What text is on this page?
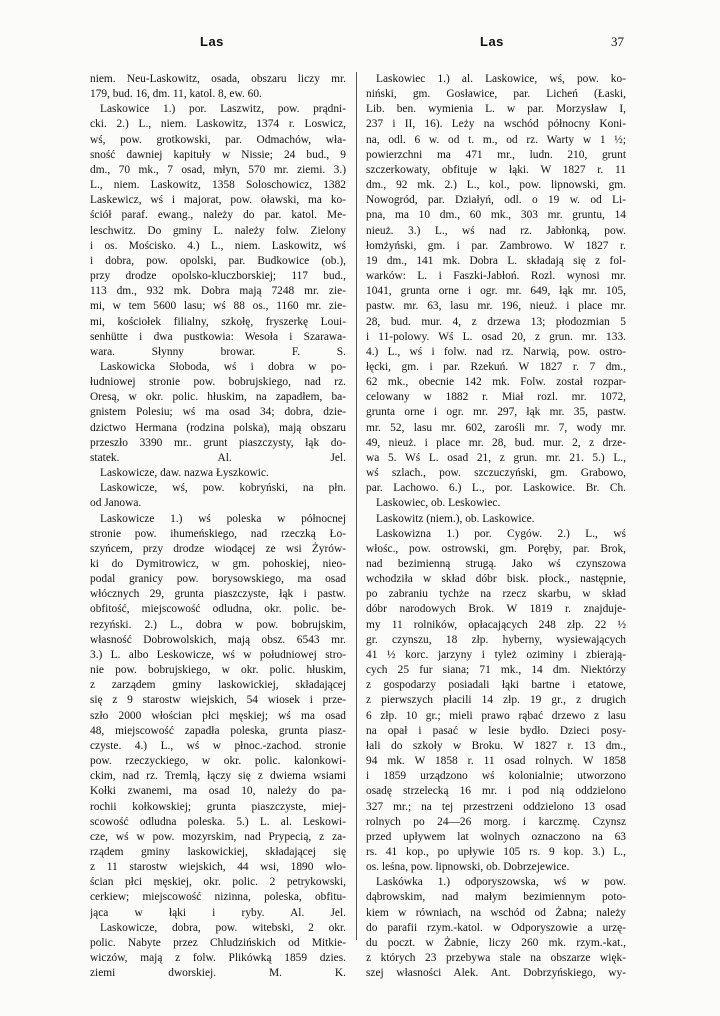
Las	Las	37
niem. Neu-Laskowitz, osada, obszaru liczy mr.
179, bud. 16, dm. 11, katol. 8, ew. 60.
Laskowice 1.) por. Laszwitz, pow. prądni-
cki. 2.) L., niem. Laskowitz, 1374 r. Loswicz,
wś, pow. grotkowski, par. Odmachów, wła-
sność dawniej kapituły w Nissie; 24 bud., 9
dm., 70 mk., 7 osad, młyn, 570 mr. ziemi. 3.)
L., niem. Laskowitz, 1358 Soloschowicz, 1382
Laskewicz, wś i majorat, pow. oławski, ma ko-
ściół paraf. ewang., należy do par. katol. Me-
leschwitz. Do gminy L. należy folw. Zielony
i os. Mościsko. 4.) L., niem. Laskowitz, wś
i dobra, pow. opolski, par. Budkowice (ob.),
przy drodze opolsko-kluczborskiej; 117 bud.,
113 dm., 932 mk. Dobra mają 7248 mr. zie-
mi, w tem 5600 lasu; wś 88 os., 1160 mr. zie-
mi, kościołek filialny, szkołę, fryszerkę Loui-
senhütte i dwa pustkowia: Wesoła i Szarawa-
wara. Słynny browar. F. S.
Laskowicka Słoboda, wś i dobra w po-
łudniowej stronie pow. bobrujskiego, nad rz.
Oresą, w okr. polic. hłuskim, na zapadłem, ba-
gnistem Polesiu; wś ma osad 34; dobra, dzie-
dzictwo Hermana (rodzina polska), mają obszaru
przeszło 3390 mr.. grunt piaszczysty, łąk do-
statek. Al. Jel.
Laskowicze, daw. nazwa Łyszkowic.
Laskowicze, wś, pow. kobryński, na płn.
od Janowa.
Laskowicze 1.) wś poleska w północnej
stronie pow. ihumeńskiego, nad rzeczką Ło-
szyńcem, przy drodze wiodącej ze wsi Żyrów-
ki do Dymitrowicz, w gm. pohoskiej, nieo-
podal granicy pow. borysowskiego, ma osad
włócznych 29, grunta piaszczyste, łąk i pastw.
obfitość, miejscowość odludna, okr. polic. be-
rezyński. 2.) L., dobra w pow. bobrujskim,
własność Dobrowolskich, mają obsz. 6543 mr.
3.) L. albo Leskowicze, wś w południowej stro-
nie pow. bobrujskiego, w okr. polic. hłuskim,
z zarządem gminy laskowickiej, składającej
się z 9 starostw wiejskich, 54 wiosek i prze-
szło 2000 włościan płci męskiej; wś ma osad
48, miejscowość zapadła poleska, grunta piasz-
czyste. 4.) L., wś w płnoc.-zachod. stronie
pow. rzeczyckiego, w okr. polic. kalonkowi-
ckim, nad rz. Tremlą, łączy się z dwiema wsiami
Kołki zwanemi, ma osad 10, należy do pa-
rochii kołkowskiej; grunta piaszczyste, miej-
scowość odludna poleska. 5.) L. al. Leskowi-
cze, wś w pow. mozyrskim, nad Prypecią, z za-
rządem gminy laskowickiej, składającej się
z 11 starostw wiejskich, 44 wsi, 1890 wło-
ścian płci męskiej, okr. polic. 2 petrykowski,
cerkiew; miejscowość nizinna, poleska, obfitu-
jąca w łąki i ryby. Al. Jel.
Laskowicze, dobra, pow. witebski, 2 okr.
polic. Nabyte przez Chludzińskich od Mitkie-
wiczów, mają z folw. Plikówką 1859 dzies.
ziemi dworskiej. M. K.
Laskowiec 1.) al. Laskowice, wś, pow. ko-
niński, gm. Gosławice, par. Licheń (Łaski,
Lib. ben. wymienia L. w par. Morzysław I,
237 i II, 16). Leży na wschód północny Koni-
na, odl. 6 w. od t. m., od rz. Warty w 1 ½;
powierzchni ma 471 mr., ludn. 210, grunt
szczerkowaty, obfituje w łąki. W 1827 r. 11
dm., 92 mk. 2.) L., kol., pow. lipnowski, gm.
Nowogród, par. Działyń, odl. o 19 w. od Li-
pna, ma 10 dm., 60 mk., 303 mr. gruntu, 14
nieuż. 3.) L., wś nad rz. Jabłonką, pow.
łomżyński, gm. i par. Zambrowo. W 1827 r.
19 dm., 141 mk. Dobra L. składają się z fol-
warków: L. i Faszki-Jabłoń. Rozl. wynosi mr.
1041, grunta orne i ogr. mr. 649, łąk mr. 105,
pastw. mr. 63, lasu mr. 196, nieuż. i place mr.
28, bud. mur. 4, z drzewa 13; płodozmian 5
i 11-polowy. Wś L. osad 20, z grun. mr. 133.
4.) L., wś i folw. nad rz. Narwią, pow. ostro-
łęcki, gm. i par. Rzekuń. W 1827 r. 7 dm.,
62 mk., obecnie 142 mk. Folw. został rozpar-
celowany w 1882 r. Miał rozl. mr. 1072,
grunta orne i ogr. mr. 297, łąk mr. 35, pastw.
mr. 52, lasu mr. 602, zarośli mr. 7, wody mr.
49, nieuż. i place mr. 28, bud. mur. 2, z drze-
wa 5. Wś L. osad 21, z grun. mr. 21. 5.) L.,
wś szlach., pow. szczuczyński, gm. Grabowo,
par. Lachowo. 6.) L., por. Laskowice. Br. Ch.
Laskowiec, ob. Leskowiec.
Laskowitz (niem.), ob. Laskowice.
Laskowizna 1.) por. Cygów. 2.) L., wś
włośc., pow. ostrowski, gm. Poręby, par. Brok,
nad bezimienną strugą. Jako wś czynszowa
wchodziła w skład dóbr bisk. płock., następnie,
po zabraniu tychże na rzecz skarbu, w skład
dóbr narodowych Brok. W 1819 r. znajduje-
my 11 rolników, opłacających 248 złp. 22 ½
gr. czynszu, 18 złp. hyberny, wysiewających
41 ½ korc. jarzyny i tyleż oziminy i zbierają-
cych 25 fur siana; 71 mk., 14 dm. Niektórzy
z gospodarzy posiadali łąki bartne i etatowe,
z pierwszych płacili 14 złp. 19 gr., z drugich
6 złp. 10 gr.; mieli prawo rąbać drzewo z lasu
na opał i pasać w lesie bydło. Dzieci posy-
łali do szkoły w Broku. W 1827 r. 13 dm.,
94 mk. W 1858 r. 11 osad rolnych. W 1858
i 1859 urządzono wś kolonialnie; utworzono
osadę strzelecką 16 mr. i pod nią oddzielono
327 mr.; na tej przestrzeni oddzielono 13 osad
rolnych po 24—26 morg. i karczmę. Czynsz
przed upływem lat wolnych oznaczono na 63
rs. 41 kop., po upływie 105 rs. 9 kop. 3.) L.,
os. leśna, pow. lipnowski, ob. Dobrzejewice.
Laskówka 1.) odporyszowska, wś w pow.
dąbrowskim, nad małym bezimiennym poto-
kiem w równiach, na wschód od Żabna; należy
do parafii rzym.-katol. w Odporyszowie a urzę-
du poczt. w Żabnie, liczy 260 mk. rzym.-kat.,
z których 23 przebywa stale na obszarze więk-
szej własności Alek. Ant. Dobrzyńskiego, wy-
